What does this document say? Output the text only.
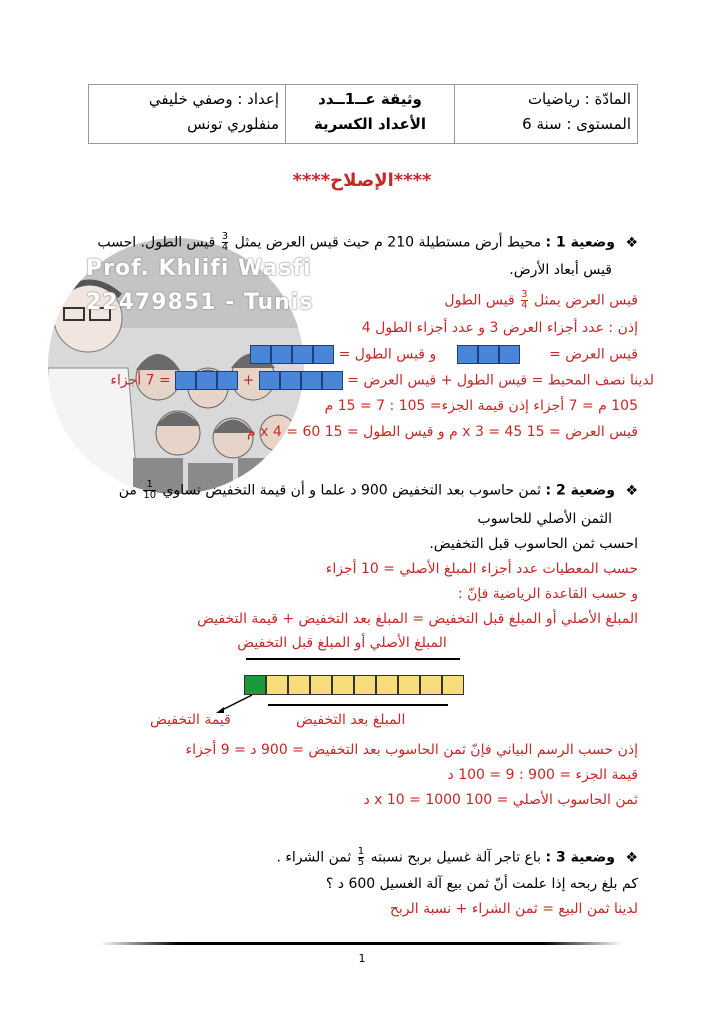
المادّة : رياضيات
المستوى : سنة 6
وثيقة عــ1ــدد
الأعداد الكسرية
إعداد : وصفي خليفي
منفلوري تونس
****الإصلاح****
Prof. Khlifi Wasfi
22479851 - Tunis
❖ وضعية 1 : محيط أرض مستطيلة 210 م حيث قيس العرض يمثل
$\frac{3}{4}$
قيس الطول. احسب
قيس أبعاد الأرض.
قيس العرض يمثل
$\frac{3}{4}$
قيس الطول
إذن : عدد أجزاء العرض 3 و عدد أجزاء الطول 4
قيس العرض =    و قيس الطول =
لدينا نصف المحيط = قيس الطول + قيس العرض =  +  = 7 أجزاء
105 م = 7 أجزاء إذن قيمة الجزء= 105 : 7 = 15 م
قيس العرض = 15 x 3 = 45 م و قيس الطول = 15 x 4 = 60 م
❖ وضعية 2 : ثمن حاسوب بعد التخفيض 900 د علما و أن قيمة التخفيض تساوي
$\frac{1}{10}$
من
الثمن الأصلي للحاسوب
احسب ثمن الحاسوب قبل التخفيض.
حسب المعطيات عدد أجزاء المبلغ الأصلي = 10 أجزاء
و حسب القاعدة الرياضية فإنّ :
المبلغ الأصلي أو المبلغ قبل التخفيض = المبلغ بعد التخفيض + قيمة التخفيض
المبلغ الأصلي أو المبلغ قبل التخفيض
المبلغ بعد التخفيض
قيمة التخفيض
إذن حسب الرسم البياني فإنّ ثمن الحاسوب بعد التخفيض = 900 د = 9 أجزاء
قيمة الجزء = 900 : 9 = 100 د
ثمن الحاسوب الأصلي = 100 x 10 = 1000 د
❖ وضعية 3 : باع تاجر آلة غسيل بربح نسبته
$\frac{1}{5}$
ثمن الشراء .
كم بلغ ربحه إذا علمت أنّ ثمن بيع آلة الغسيل 600 د ؟
لدينا ثمن البيع = ثمن الشراء + نسبة الربح
1
